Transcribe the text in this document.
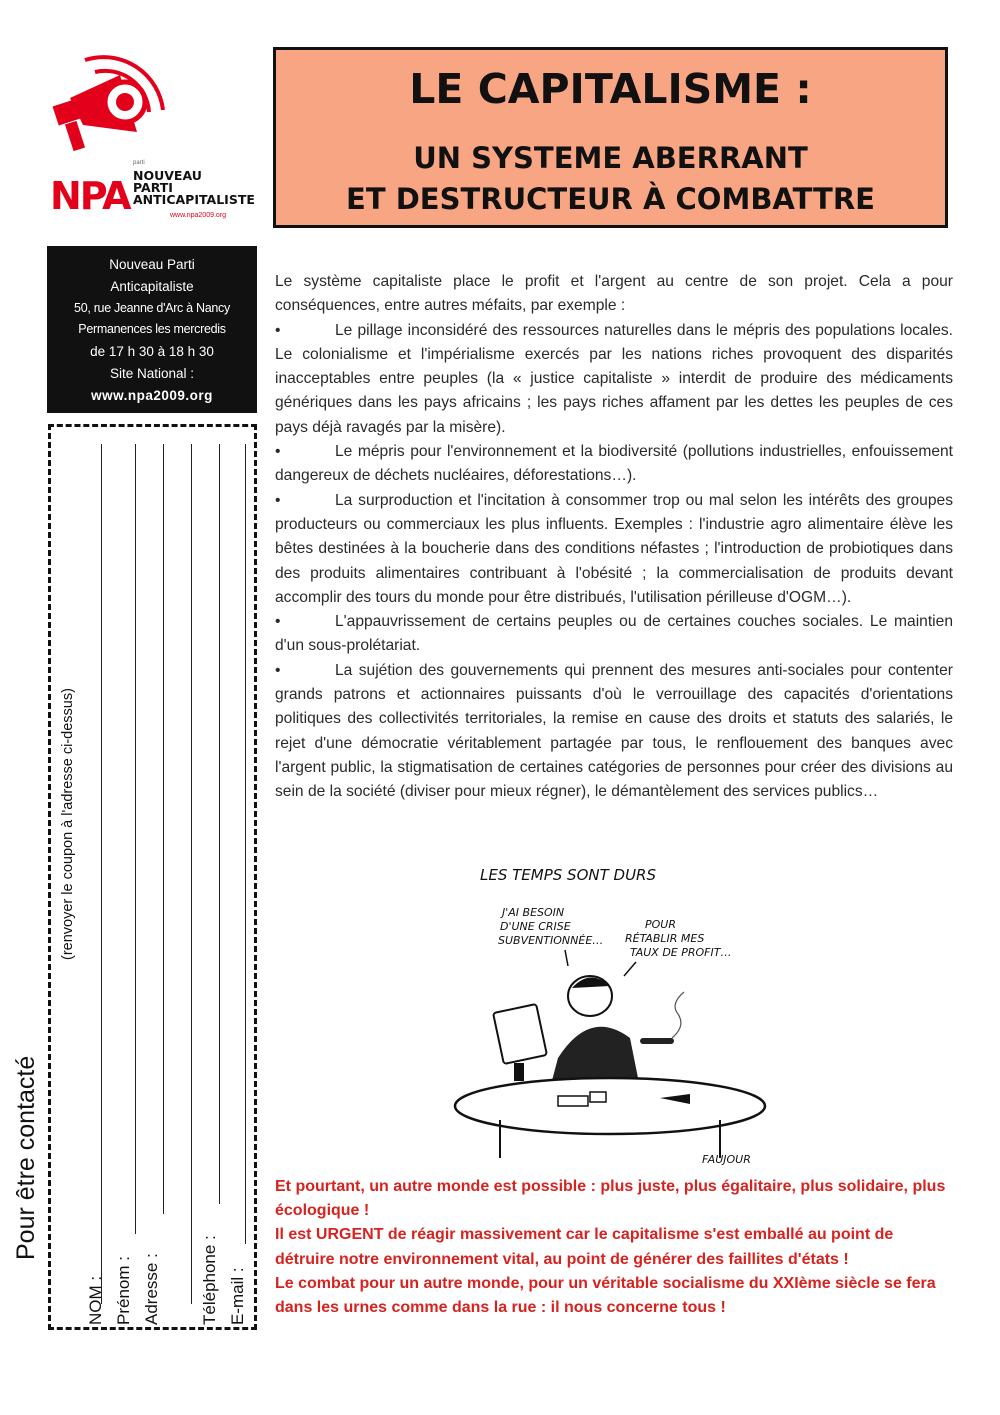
NPA
parti
NOUVEAU
PARTI
ANTICAPITALISTE
www.npa2009.org
LE CAPITALISME :
UN SYSTEME ABERRANT
ET DESTRUCTEUR À COMBATTRE
Nouveau Parti
Anticapitaliste
50, rue Jeanne d'Arc à Nancy
Permanences les mercredis
de 17 h 30 à 18 h 30
Site National :
www.npa2009.org
Pour être contacté
(renvoyer le coupon à l'adresse ci-dessus)
NOM : Prénom : Adresse : Téléphone : E-mail :

Le système capitaliste place le profit et l'argent au centre de son projet. Cela a pour conséquences, entre autres méfaits, par exemple :

•	Le pillage inconsidéré des ressources naturelles dans le mépris des populations locales. Le colonialisme et l'impérialisme exercés par les nations riches provoquent des disparités inacceptables entre peuples (la « justice capitaliste » interdit de produire des médicaments génériques dans les pays africains ; les pays riches affament par les dettes les peuples de ces pays déjà ravagés par la misère).

•	Le mépris pour l'environnement et la biodiversité (pollutions industrielles, enfouissement dangereux de déchets nucléaires, déforestations…).

•	La surproduction et l'incitation à consommer trop ou mal selon les intérêts des groupes producteurs ou commerciaux les plus influents. Exemples : l'industrie agro alimentaire élève les bêtes destinées à la boucherie dans des conditions néfastes ; l'introduction de probiotiques dans des produits alimentaires contribuant à l'obésité ; la commercialisation de produits devant accomplir des tours du monde pour être distribués, l'utilisation périlleuse d'OGM…).

•	L'appauvrissement de certains peuples ou de certaines couches sociales. Le maintien d'un sous-prolétariat.

•	La sujétion des gouvernements qui prennent des mesures anti-sociales pour contenter grands patrons et actionnaires puissants d'où le verrouillage des capacités d'orientations politiques des collectivités territoriales, la remise en cause des droits et statuts des salariés, le rejet d'une démocratie véritablement partagée par tous, le renflouement des banques avec l'argent public, la stigmatisation de certaines catégories de personnes pour créer des divisions au sein de la société (diviser pour mieux régner), le démantèlement des services publics…

LES TEMPS SONT DURS
J'AI BESOIN
D'UNE CRISE
SUBVENTIONNÉE…
POUR
RÉTABLIR MES
TAUX DE PROFIT…
FAUJOUR

Et pourtant, un autre monde est possible : plus juste, plus égalitaire, plus solidaire, plus écologique !

Il est URGENT de réagir massivement car le capitalisme s'est emballé au point de détruire notre environnement vital, au point de générer des faillites d'états !

Le combat pour un autre monde, pour un véritable socialisme du XXIème siècle se fera dans les urnes comme dans la rue : il nous concerne tous !
